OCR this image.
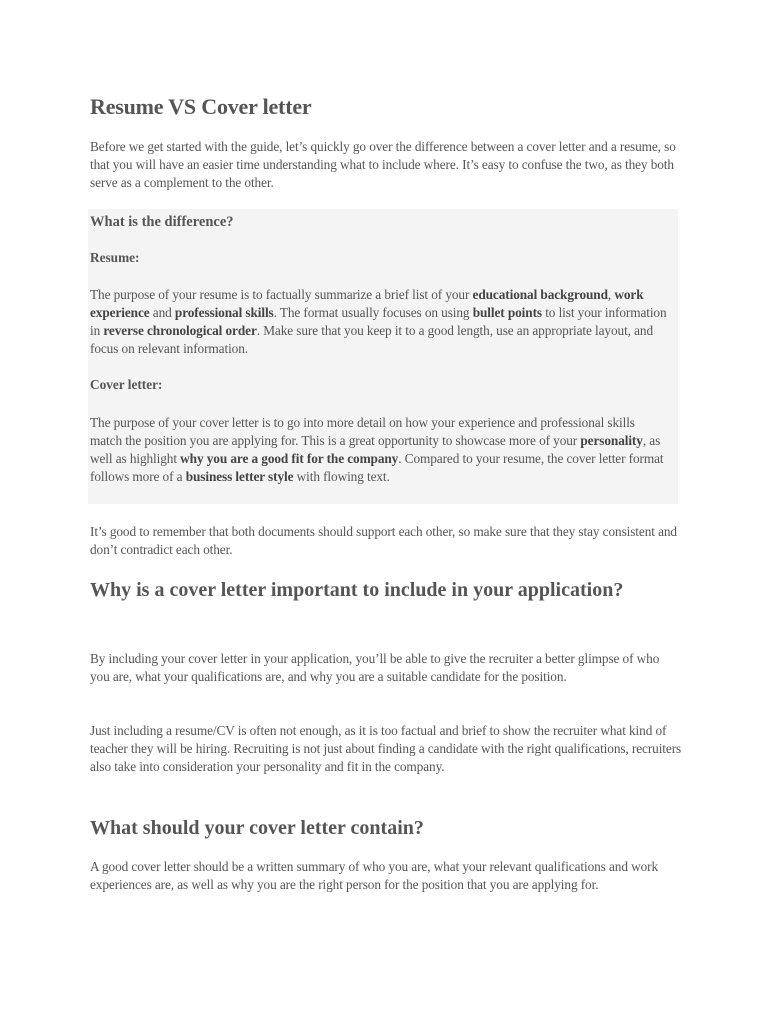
Resume VS Cover letter

Before we get started with the guide, let’s quickly go over the difference between a cover letter and a resume, so that you will have an easier time understanding what to include where. It’s easy to confuse the two, as they both serve as a complement to the other.

What is the difference?
Resume:

The purpose of your resume is to factually summarize a brief list of your educational background, work experience and professional skills. The format usually focuses on using bullet points to list your information in reverse chronological order. Make sure that you keep it to a good length, use an appropriate layout, and focus on relevant information.

Cover letter:

The purpose of your cover letter is to go into more detail on how your experience and professional skills match the position you are applying for. This is a great opportunity to showcase more of your personality, as well as highlight why you are a good fit for the company. Compared to your resume, the cover letter format follows more of a business letter style with flowing text.

It’s good to remember that both documents should support each other, so make sure that they stay consistent and don’t contradict each other.

Why is a cover letter important to include in your application?

By including your cover letter in your application, you’ll be able to give the recruiter a better glimpse of who you are, what your qualifications are, and why you are a suitable candidate for the position.

Just including a resume/CV is often not enough, as it is too factual and brief to show the recruiter what kind of teacher they will be hiring. Recruiting is not just about finding a candidate with the right qualifications, recruiters also take into consideration your personality and fit in the company.

What should your cover letter contain?

A good cover letter should be a written summary of who you are, what your relevant qualifications and work experiences are, as well as why you are the right person for the position that you are applying for.
